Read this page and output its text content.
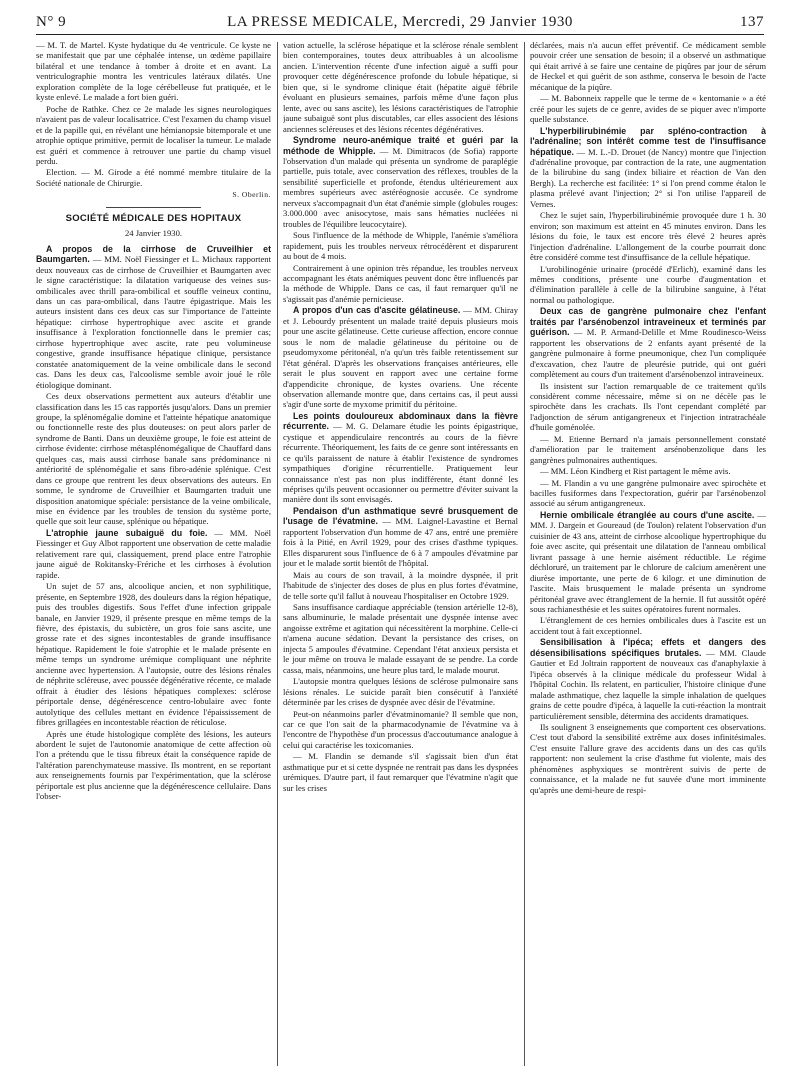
N° 9	LA PRESSE MEDICALE, Mercredi, 29 Janvier 1930	137

— M. T. de Martel. Kyste hydatique du 4e ventricule. Ce kyste ne se manifestait que par une céphalée intense, un œdème papillaire bilatéral et une tendance à tomber à droite et en avant. La ventriculographie montra les ventricules latéraux dilatés. Une exploration complète de la loge cérébelleuse fut pratiquée, et le kyste enlevé. Le malade a fort bien guéri.

Poche de Rathke. Chez ce 2e malade les signes neurologiques n'avaient pas de valeur localisatrice. C'est l'examen du champ visuel et de la papille qui, en révélant une hémianopsie bitemporale et une atrophie optique primitive, permit de localiser la tumeur. Le malade est guéri et commence à retrouver une partie du champ visuel perdu.

Election. — M. Girode a été nommé membre titulaire de la Société nationale de Chirurgie.

S. Oberlin.
SOCIÉTÉ MÉDICALE DES HOPITAUX
24 Janvier 1930.

A propos de la cirrhose de Cruveilhier et Baumgarten. — MM. Noël Fiessinger et L. Michaux rapportent deux nouveaux cas de cirrhose de Cruveilhier et Baumgarten avec le signe caractéristique: la dilatation variqueuse des veines sus-ombilicales avec thrill para-ombilical et souffle veineux continu, dans un cas para-ombilical, dans l'autre épigastrique. Mais les auteurs insistent dans ces deux cas sur l'importance de l'atteinte hépatique: cirrhose hypertrophique avec ascite et grande insuffisance à l'exploration fonctionnelle dans le premier cas; cirrhose hypertrophique avec ascite, rate peu volumineuse congestive, grande insuffisance hépatique clinique, persistance constatée anatomiquement de la veine ombilicale dans le second cas. Dans les deux cas, l'alcoolisme semble avoir joué le rôle étiologique dominant.

Ces deux observations permettent aux auteurs d'établir une classification dans les 15 cas rapportés jusqu'alors. Dans un premier groupe, la splénomégalie domine et l'atteinte hépatique anatomique ou fonctionnelle reste des plus douteuses: on peut alors parler de syndrome de Banti. Dans un deuxième groupe, le foie est atteint de cirrhose évidente: cirrhose métasplénomégalique de Chauffard dans quelques cas, mais aussi cirrhose banale sans prédominance ni antériorité de splénomégalie et sans fibro-adénie splénique. C'est dans ce groupe que rentrent les deux observations des auteurs. En somme, le syndrome de Cruveilhier et Baumgarten traduit une disposition anatomique spéciale: persistance de la veine ombilicale, mise en évidence par les troubles de tension du système porte, quelle que soit leur cause, splénique ou hépatique.

L'atrophie jaune subaiguë du foie. — MM. Noël Fiessinger et Guy Albot rapportent une observation de cette maladie relativement rare qui, classiquement, prend place entre l'atrophie jaune aiguë de Rokitansky-Frériche et les cirrhoses à évolution rapide.

Un sujet de 57 ans, alcoolique ancien, et non syphilitique, présente, en Septembre 1928, des douleurs dans la région hépatique, puis des troubles digestifs. Sous l'effet d'une infection grippale banale, en Janvier 1929, il présente presque en même temps de la fièvre, des épistaxis, du subictère, un gros foie sans ascite, une grosse rate et des signes incontestables de grande insuffisance hépatique. Rapidement le foie s'atrophie et le malade présente en même temps un syndrome urémique compliquant une néphrite ancienne avec hypertension. A l'autopsie, outre des lésions rénales de néphrite scléreuse, avec poussée dégénérative récente, ce malade offrait à étudier des lésions hépatiques complexes: sclérose périportale dense, dégénérescence centro-lobulaire avec fonte autolytique des cellules mettant en évidence l'épaississement de fibres grillagées en incontestable réaction de réticulose.

Après une étude histologique complète des lésions, les auteurs abordent le sujet de l'autonomie anatomique de cette affection où l'on a prétendu que le tissu fibreux était la conséquence rapide de l'altération parenchymateuse massive. Ils montrent, en se reportant aux renseignements fournis par l'expérimentation, que la sclérose périportale est plus ancienne que la dégénérescence cellulaire. Dans l'obser-

vation actuelle, la sclérose hépatique et la sclérose rénale semblent bien contemporaines, toutes deux attribuables à un alcoolisme ancien. L'intervention récente d'une infection aiguë a suffi pour provoquer cette dégénérescence profonde du lobule hépatique, si bien que, si le syndrome clinique était (hépatite aiguë fébrile évoluant en plusieurs semaines, parfois même d'une façon plus lente, avec ou sans ascite), les lésions caractéristiques de l'atrophie jaune subaiguë sont plus discutables, car elles associent des lésions anciennes scléreuses et des lésions récentes dégénératives.

Syndrome neuro-anémique traité et guéri par la méthode de Whipple. — M. Dimitracos (de Sofia) rapporte l'observation d'un malade qui présenta un syndrome de paraplégie partielle, puis totale, avec conservation des réflexes, troubles de la sensibilité superficielle et profonde, étendus ultérieurement aux membres supérieurs avec astéréognosie accusée. Ce syndrome nerveux s'accompagnait d'un état d'anémie simple (globules rouges: 3.000.000 avec anisocytose, mais sans hématies nucléées ni troubles de l'équilibre leucocytaire).

Sous l'influence de la méthode de Whipple, l'anémie s'améliora rapidement, puis les troubles nerveux rétrocédèrent et disparurent au bout de 4 mois.

Contrairement à une opinion très répandue, les troubles nerveux accompagnant les états anémiques peuvent donc être influencés par la méthode de Whipple. Dans ce cas, il faut remarquer qu'il ne s'agissait pas d'anémie pernicieuse.

A propos d'un cas d'ascite gélatineuse. — MM. Chiray et J. Lebourdy présentent un malade traité depuis plusieurs mois pour une ascite gélatineuse. Cette curieuse affection, encore connue sous le nom de maladie gélatineuse du péritoine ou de pseudomyxome péritonéal, n'a qu'un très faible retentissement sur l'état général. D'après les observations françaises antérieures, elle serait le plus souvent en rapport avec une certaine forme d'appendicite chronique, de kystes ovariens. Une récente observation allemande montre que, dans certains cas, il peut aussi s'agir d'une sorte de myxome primitif du péritoine.

Les points douloureux abdominaux dans la fièvre récurrente. — M. G. Delamare étudie les points épigastrique, cystique et appendiculaire rencontrés au cours de la fièvre récurrente. Théoriquement, les faits de ce genre sont intéressants en ce qu'ils paraissent de nature à établir l'existence de syndromes sympathiques d'origine récurrentielle. Pratiquement leur connaissance n'est pas non plus indifférente, étant donné les méprises qu'ils peuvent occasionner ou permettre d'éviter suivant la manière dont ils sont envisagés.

Pendaison d'un asthmatique sevré brusquement de l'usage de l'évatmine. — MM. Laignel-Lavastine et Bernal rapportent l'observation d'un homme de 47 ans, entré une première fois à la Pitié, en Avril 1929, pour des crises d'asthme typiques. Elles disparurent sous l'influence de 6 à 7 ampoules d'évatmine par jour et le malade sortit bientôt de l'hôpital.

Mais au cours de son travail, à la moindre dyspnée, il prit l'habitude de s'injecter des doses de plus en plus fortes d'évatmine, de telle sorte qu'il fallut à nouveau l'hospitaliser en Octobre 1929.

Sans insuffisance cardiaque appréciable (tension artérielle 12-8), sans albuminurie, le malade présentait une dyspnée intense avec angoisse extrême et agitation qui nécessitèrent la morphine. Celle-ci n'amena aucune sédation. Devant la persistance des crises, on injecta 5 ampoules d'évatmine. Cependant l'état anxieux persista et le jour même on trouva le malade essayant de se pendre. La corde cassa, mais, néanmoins, une heure plus tard, le malade mourut.

L'autopsie montra quelques lésions de sclérose pulmonaire sans lésions rénales. Le suicide paraît bien consécutif à l'anxiété déterminée par les crises de dyspnée avec désir de l'évatmine.

Peut-on néanmoins parler d'évatminomanie? Il semble que non, car ce que l'on sait de la pharmacodynamie de l'évatmine va à l'encontre de l'hypothèse d'un processus d'accoutumance analogue à celui qui caractérise les toxicomanies.

— M. Flandin se demande s'il s'agissait bien d'un état asthmatique pur et si cette dyspnée ne rentrait pas dans les dyspnées urémiques. D'autre part, il faut remarquer que l'évatmine n'agit que sur les crises

déclarées, mais n'a aucun effet préventif. Ce médicament semble pouvoir créer une sensation de besoin; il a observé un asthmatique qui était arrivé à se faire une centaine de piqûres par jour de sérum de Heckel et qui guérit de son asthme, conserva le besoin de l'acte mécanique de la piqûre.

— M. Babonneix rappelle que le terme de « kentomanie » a été créé pour les sujets de ce genre, avides de se piquer avec n'importe quelle substance.

L'hyperbilirubinémie par spléno-contraction à l'adrénaline; son intérêt comme test de l'insuffisance hépatique. — M. L.-D. Drouet (de Nancy) montre que l'injection d'adrénaline provoque, par contraction de la rate, une augmentation de la bilirubine du sang (index biliaire et réaction de Van den Bergh). La recherche est facilitée: 1° si l'on prend comme étalon le plasma prélevé avant l'injection; 2° si l'on utilise l'appareil de Vernes.

Chez le sujet sain, l'hyperbilirubinémie provoquée dure 1 h. 30 environ; son maximum est atteint en 45 minutes environ. Dans les lésions du foie, le taux est encore très élevé 2 heures après l'injection d'adrénaline. L'allongement de la courbe pourrait donc être considéré comme test d'insuffisance de la cellule hépatique.

L'urobilinogénie urinaire (procédé d'Erlich), examiné dans les mêmes conditions, présente une courbe d'augmentation et d'élimination parallèle à celle de la bilirubine sanguine, à l'état normal ou pathologique.

Deux cas de gangrène pulmonaire chez l'enfant traités par l'arsénobenzol intraveineux et terminés par guérison. — M. P. Armand-Delille et Mme Roudinesco-Weiss rapportent les observations de 2 enfants ayant présenté de la gangrène pulmonaire à forme pneumonique, chez l'un compliquée d'excavation, chez l'autre de pleurésie putride, qui ont guéri complètement au cours d'un traitement d'arsénobenzol intraveineux.

Ils insistent sur l'action remarquable de ce traitement qu'ils considèrent comme nécessaire, même si on ne décèle pas le spirochète dans les crachats. Ils l'ont cependant complété par l'adjonction de sérum antigangreneux et l'injection intratrachéale d'huile goménolée.

— M. Etienne Bernard n'a jamais personnellement constaté d'amélioration par le traitement arsénobenzolique dans les gangrènes pulmonaires authentiques.

— MM. Léon Kindberg et Rist partagent le même avis.

— M. Flandin a vu une gangrène pulmonaire avec spirochète et bacilles fusiformes dans l'expectoration, guérir par l'arsénobenzol associé au sérum antigangreneux.

Hernie ombilicale étranglée au cours d'une ascite. — MM. J. Dargein et Goureaud (de Toulon) relatent l'observation d'un cuisinier de 43 ans, atteint de cirrhose alcoolique hypertrophique du foie avec ascite, qui présentait une dilatation de l'anneau ombilical livrant passage à une hernie aisément réductible. Le régime déchloruré, un traitement par le chlorure de calcium amenèrent une diurèse importante, une perte de 6 kilogr. et une diminution de l'ascite. Mais brusquement le malade présenta un syndrome péritonéal grave avec étranglement de la hernie. Il fut aussitôt opéré sous rachianesthésie et les suites opératoires furent normales.

L'étranglement de ces hernies ombilicales dues à l'ascite est un accident tout à fait exceptionnel.

Sensibilisation à l'ipéca; effets et dangers des désensibilisations spécifiques brutales. — MM. Claude Gautier et Ed Joltrain rapportent de nouveaux cas d'anaphylaxie à l'ipéca observés à la clinique médicale du professeur Widal à l'hôpital Cochin. Ils relatent, en particulier, l'histoire clinique d'une malade asthmatique, chez laquelle la simple inhalation de quelques grains de cette poudre d'ipéca, à laquelle la cuti-réaction la montrait particulièrement sensible, détermina des accidents dramatiques.

Ils soulignent 3 enseignements que comportent ces observations. C'est tout d'abord la sensibilité extrême aux doses infinitésimales. C'est ensuite l'allure grave des accidents dans un des cas qu'ils rapportent: non seulement la crise d'asthme fut violente, mais des phénomènes asphyxiques se montrèrent suivis de perte de connaissance, et la malade ne fut sauvée d'une mort imminente qu'après une demi-heure de respi-
